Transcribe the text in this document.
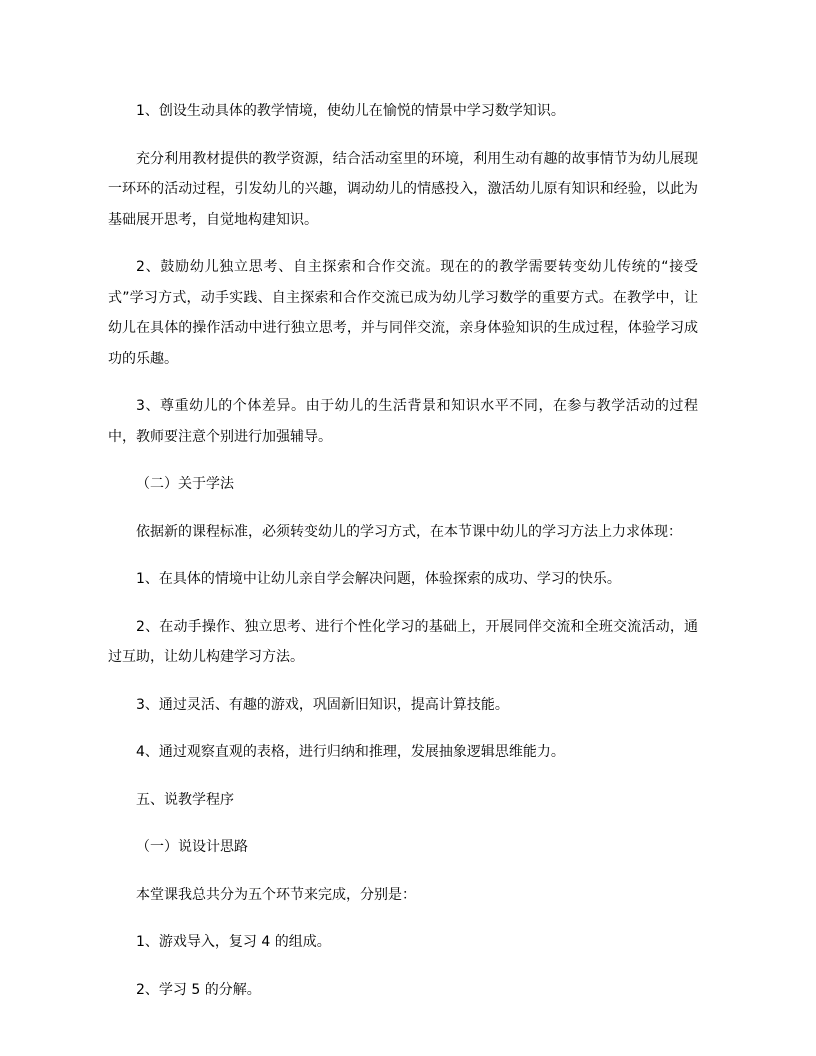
1、创设生动具体的教学情境，使幼儿在愉悦的情景中学习数学知识。

充分利用教材提供的教学资源，结合活动室里的环境，利用生动有趣的故事情节为幼儿展现一环环的活动过程，引发幼儿的兴趣，调动幼儿的情感投入，激活幼儿原有知识和经验，以此为基础展开思考，自觉地构建知识。

2、鼓励幼儿独立思考、自主探索和合作交流。现在的的教学需要转变幼儿传统的“接受式”学习方式，动手实践、自主探索和合作交流已成为幼儿学习数学的重要方式。在教学中，让幼儿在具体的操作活动中进行独立思考，并与同伴交流，亲身体验知识的生成过程，体验学习成功的乐趣。

3、尊重幼儿的个体差异。由于幼儿的生活背景和知识水平不同，在参与教学活动的过程中，教师要注意个别进行加强辅导。

（二）关于学法

依据新的课程标准，必须转变幼儿的学习方式，在本节课中幼儿的学习方法上力求体现：

1、在具体的情境中让幼儿亲自学会解决问题，体验探索的成功、学习的快乐。

2、在动手操作、独立思考、进行个性化学习的基础上，开展同伴交流和全班交流活动，通过互助，让幼儿构建学习方法。

3、通过灵活、有趣的游戏，巩固新旧知识，提高计算技能。

4、通过观察直观的表格，进行归纳和推理，发展抽象逻辑思维能力。

五、说教学程序

（一）说设计思路

本堂课我总共分为五个环节来完成，分别是：

1、游戏导入，复习 4 的组成。

2、学习 5 的分解。
